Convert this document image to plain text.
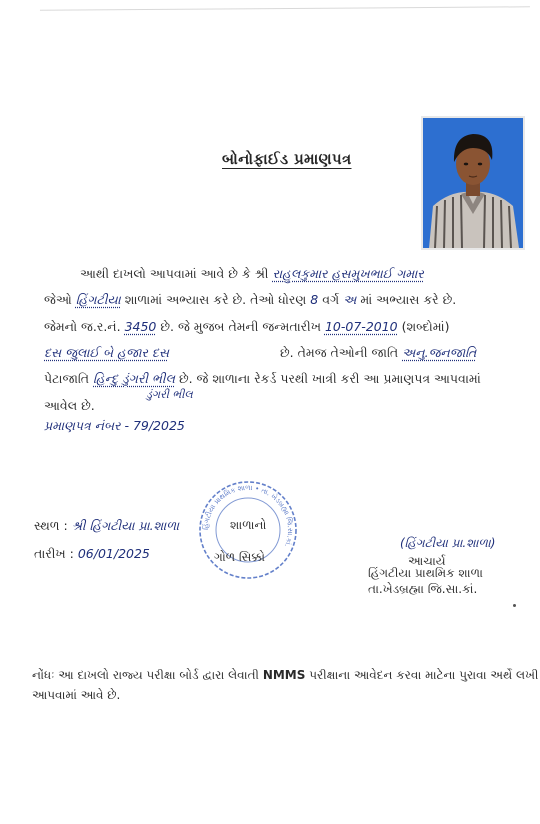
બોનોફાઈડ પ્રમાણપત્ર
આથી દાખલો આપવામાં આવે છે કે શ્રી રાહુલકુમાર હસમુખભાઈ ગમાર
જેઓ હિંગટીયા શાળામાં અભ્યાસ કરે છે. તેઓ ધોરણ 8 વર્ગ અ માં અભ્યાસ કરે છે.
જેમનો જ.ર.નં. 3450 છે. જે મુજબ તેમની જન્મતારીખ 10-07-2010 (શબ્દોમાં)
દસ જુલાઈ બે હજાર દસ	છે. તેમજ તેઓની જાતિ અનુ.જનજાતિ
પેટાજાતિ હિન્દુ ડુંગરી ભીલ છે. જે શાળાના રેકર્ડ પરથી ખાત્રી કરી આ પ્રમાણપત્ર આપવામાં
આવેલ છે.
ડુંગરી ભીલ
પ્રમાણપત્ર નંબર - 79/2025
સ્થળ : શ્રી હિંગટીયા પ્રા.શાળા
તારીખ : 06/01/2025
હિંગટીયા પ્રાથમિક શાળા • તા. ખેડબ્રહ્મા જિ.સા.કાં.
શાળાનો
ગોળ સિક્કો
(હિંગટીયા પ્રા.શાળા)
આચાર્ય
હિંગટીયા પ્રાથમિક શાળા
તા.ખેડબ્રહ્મા જિ.સા.કાં.
નોંધઃ આ દાખલો રાજ્ય પરીક્ષા બોર્ડ દ્વારા લેવાતી NMMS પરીક્ષાના આવેદન કરવા માટેના પુરાવા અર્થે લખી
આપવામાં આવે છે.
